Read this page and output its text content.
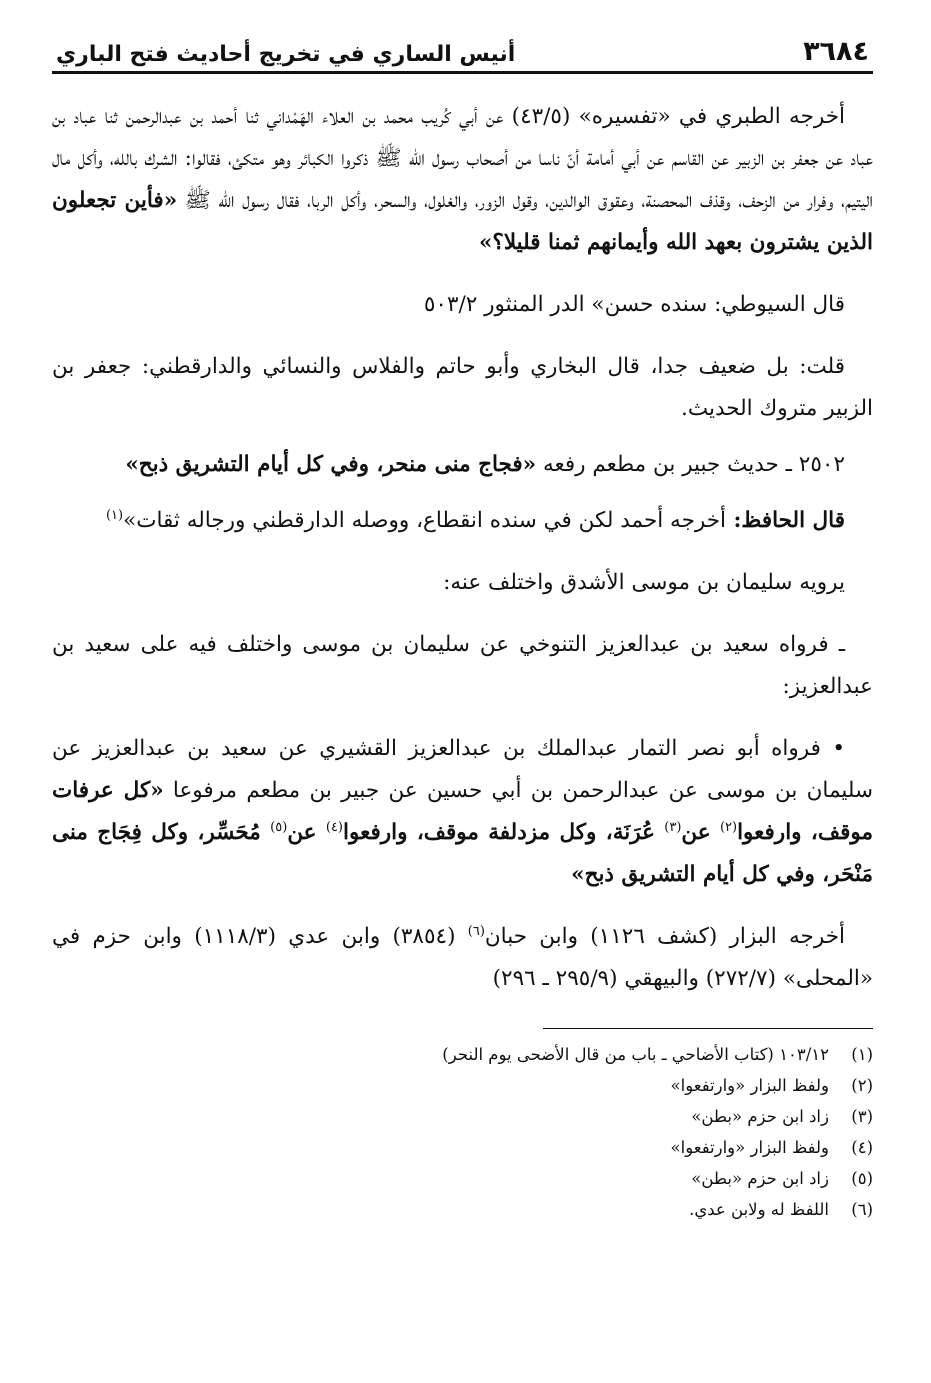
٣٦٨٤
أنيس الساري في تخريج أحاديث فتح الباري

أخرجه الطبري في «تفسيره» (٤٣/٥) عن أبي كُريب محمد بن العلاء الهَمْداني ثنا أحمد بن عبدالرحمن ثنا عباد بن عباد عن جعفر بن الزبير عن القاسم عن أبي أمامة أنّ ناسا من أصحاب رسول الله ﷺ ذكروا الكبائر وهو متكئ، فقالوا: الشرك بالله، وأكل مال اليتيم، وفرار من الزحف، وقذف المحصنة، وعقوق الوالدين، وقول الزور، والغلول، والسحر، وأكل الربا، فقال رسول الله ﷺ «فأين تجعلون الذين يشترون بعهد الله وأيمانهم ثمنا قليلا؟»

قال السيوطي: سنده حسن» الدر المنثور ٥٠٣/٢

قلت: بل ضعيف جدا، قال البخاري وأبو حاتم والفلاس والنسائي والدارقطني: جعفر بن الزبير متروك الحديث.

٢٥٠٢ ـ حديث جبير بن مطعم رفعه «فجاج منى منحر، وفي كل أيام التشريق ذبح»

قال الحافظ: أخرجه أحمد لكن في سنده انقطاع، ووصله الدارقطني ورجاله ثقات»$^{(١)}$

يرويه سليمان بن موسى الأشدق واختلف عنه:

ـ فرواه سعيد بن عبدالعزيز التنوخي عن سليمان بن موسى واختلف فيه على سعيد بن عبدالعزيز:

• فرواه أبو نصر التمار عبدالملك بن عبدالعزيز القشيري عن سعيد بن عبدالعزيز عن سليمان بن موسى عن عبدالرحمن بن أبي حسين عن جبير بن مطعم مرفوعا «كل عرفات موقف، وارفعوا$^{(٢)}$ عن$^{(٣)}$ عُرَنَة، وكل مزدلفة موقف، وارفعوا$^{(٤)}$ عن$^{(٥)}$ مُحَسِّر، وكل فِجَاج منى مَنْحَر، وفي كل أيام التشريق ذبح»

أخرجه البزار (كشف ١١٢٦) وابن حبان$^{(٦)}$ (٣٨٥٤) وابن عدي (١١١٨/٣) وابن حزم في «المحلى» (٢٧٢/٧) والبيهقي (٢٩٥/٩ ـ ٢٩٦)

(١)
١٠٣/١٢ (كتاب الأضاحي ـ باب من قال الأضحى يوم النحر)
(٢)
ولفظ البزار «وارتفعوا»
(٣)
زاد ابن حزم «بطن»
(٤)
ولفظ البزار «وارتفعوا»
(٥)
زاد ابن حزم «بطن»
(٦)
اللفظ له ولابن عدي.
